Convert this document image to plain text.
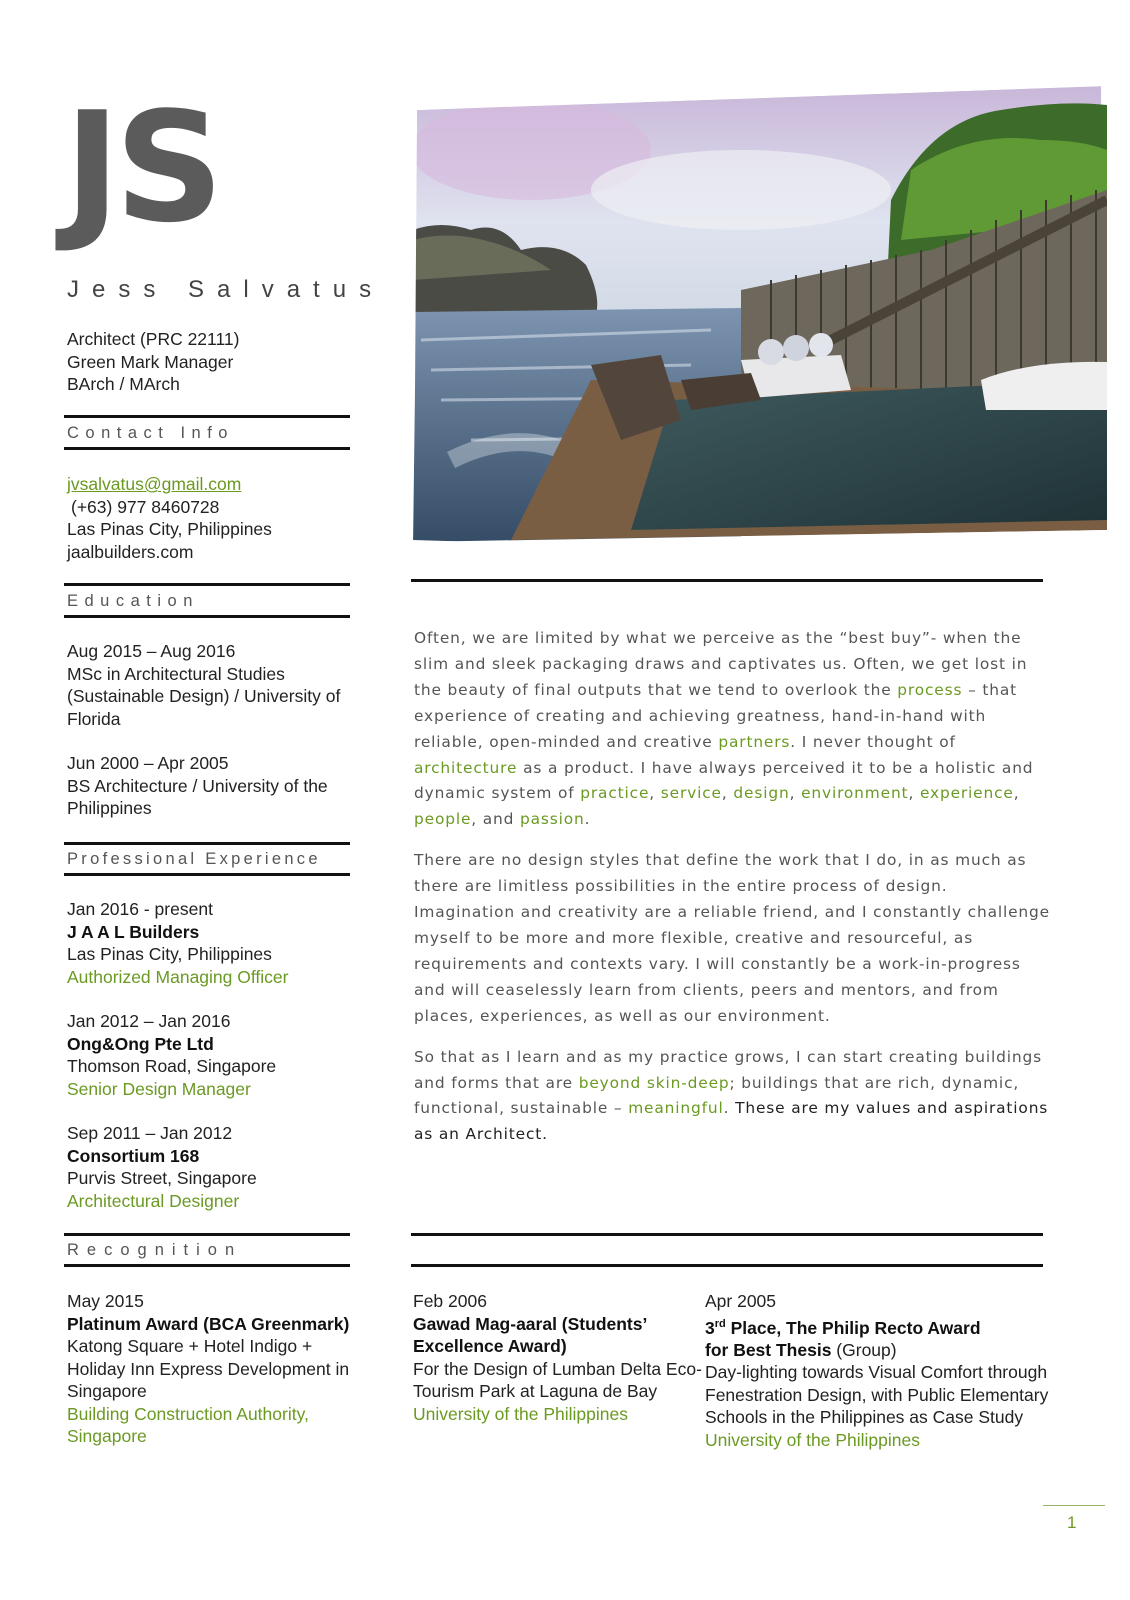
JS
Jess Salvatus
Architect (PRC 22111)
Green Mark Manager
BArch / MArch
Contact Info
jvsalvatus@gmail.com
(+63) 977 8460728
Las Pinas City, Philippines
jaalbuilders.com
Education
Aug 2015 – Aug 2016
MSc in Architectural Studies
(Sustainable Design) / University of
Florida
Jun 2000 – Apr 2005
BS Architecture / University of the
Philippines
Professional Experience
Jan 2016 - present
J A A L Builders
Las Pinas City, Philippines
Authorized Managing Officer
Jan 2012 – Jan 2016
Ong&Ong Pte Ltd
Thomson Road, Singapore
Senior Design Manager
Sep 2011 – Jan 2012
Consortium 168
Purvis Street, Singapore
Architectural Designer

Often, we are limited by what we perceive as the “best buy”- when the slim and sleek packaging draws and captivates us. Often, we get lost in the beauty of final outputs that we tend to overlook the process – that experience of creating and achieving greatness, hand-in-hand with reliable, open-minded and creative partners. I never thought of architecture as a product. I have always perceived it to be a holistic and dynamic system of practice, service, design, environment, experience, people, and passion.

There are no design styles that define the work that I do, in as much as there are limitless possibilities in the entire process of design. Imagination and creativity are a reliable friend, and I constantly challenge myself to be more and more flexible, creative and resourceful, as requirements and contexts vary. I will constantly be a work-in-progress and will ceaselessly learn from clients, peers and mentors, and from places, experiences, as well as our environment.

So that as I learn and as my practice grows, I can start creating buildings and forms that are beyond skin-deep; buildings that are rich, dynamic, functional, sustainable – meaningful. These are my values and aspirations as an Architect.

Recognition
May 2015
Platinum Award (BCA Greenmark)
Katong Square + Hotel Indigo +
Holiday Inn Express Development in
Singapore
Building Construction Authority,
Singapore
Feb 2006
Gawad Mag-aaral (Students’
Excellence Award)
For the Design of Lumban Delta Eco-
Tourism Park at Laguna de Bay
University of the Philippines
Apr 2005
3rd Place, The Philip Recto Award
for Best Thesis (Group)
Day-lighting towards Visual Comfort through
Fenestration Design, with Public Elementary
Schools in the Philippines as Case Study
University of the Philippines
1
